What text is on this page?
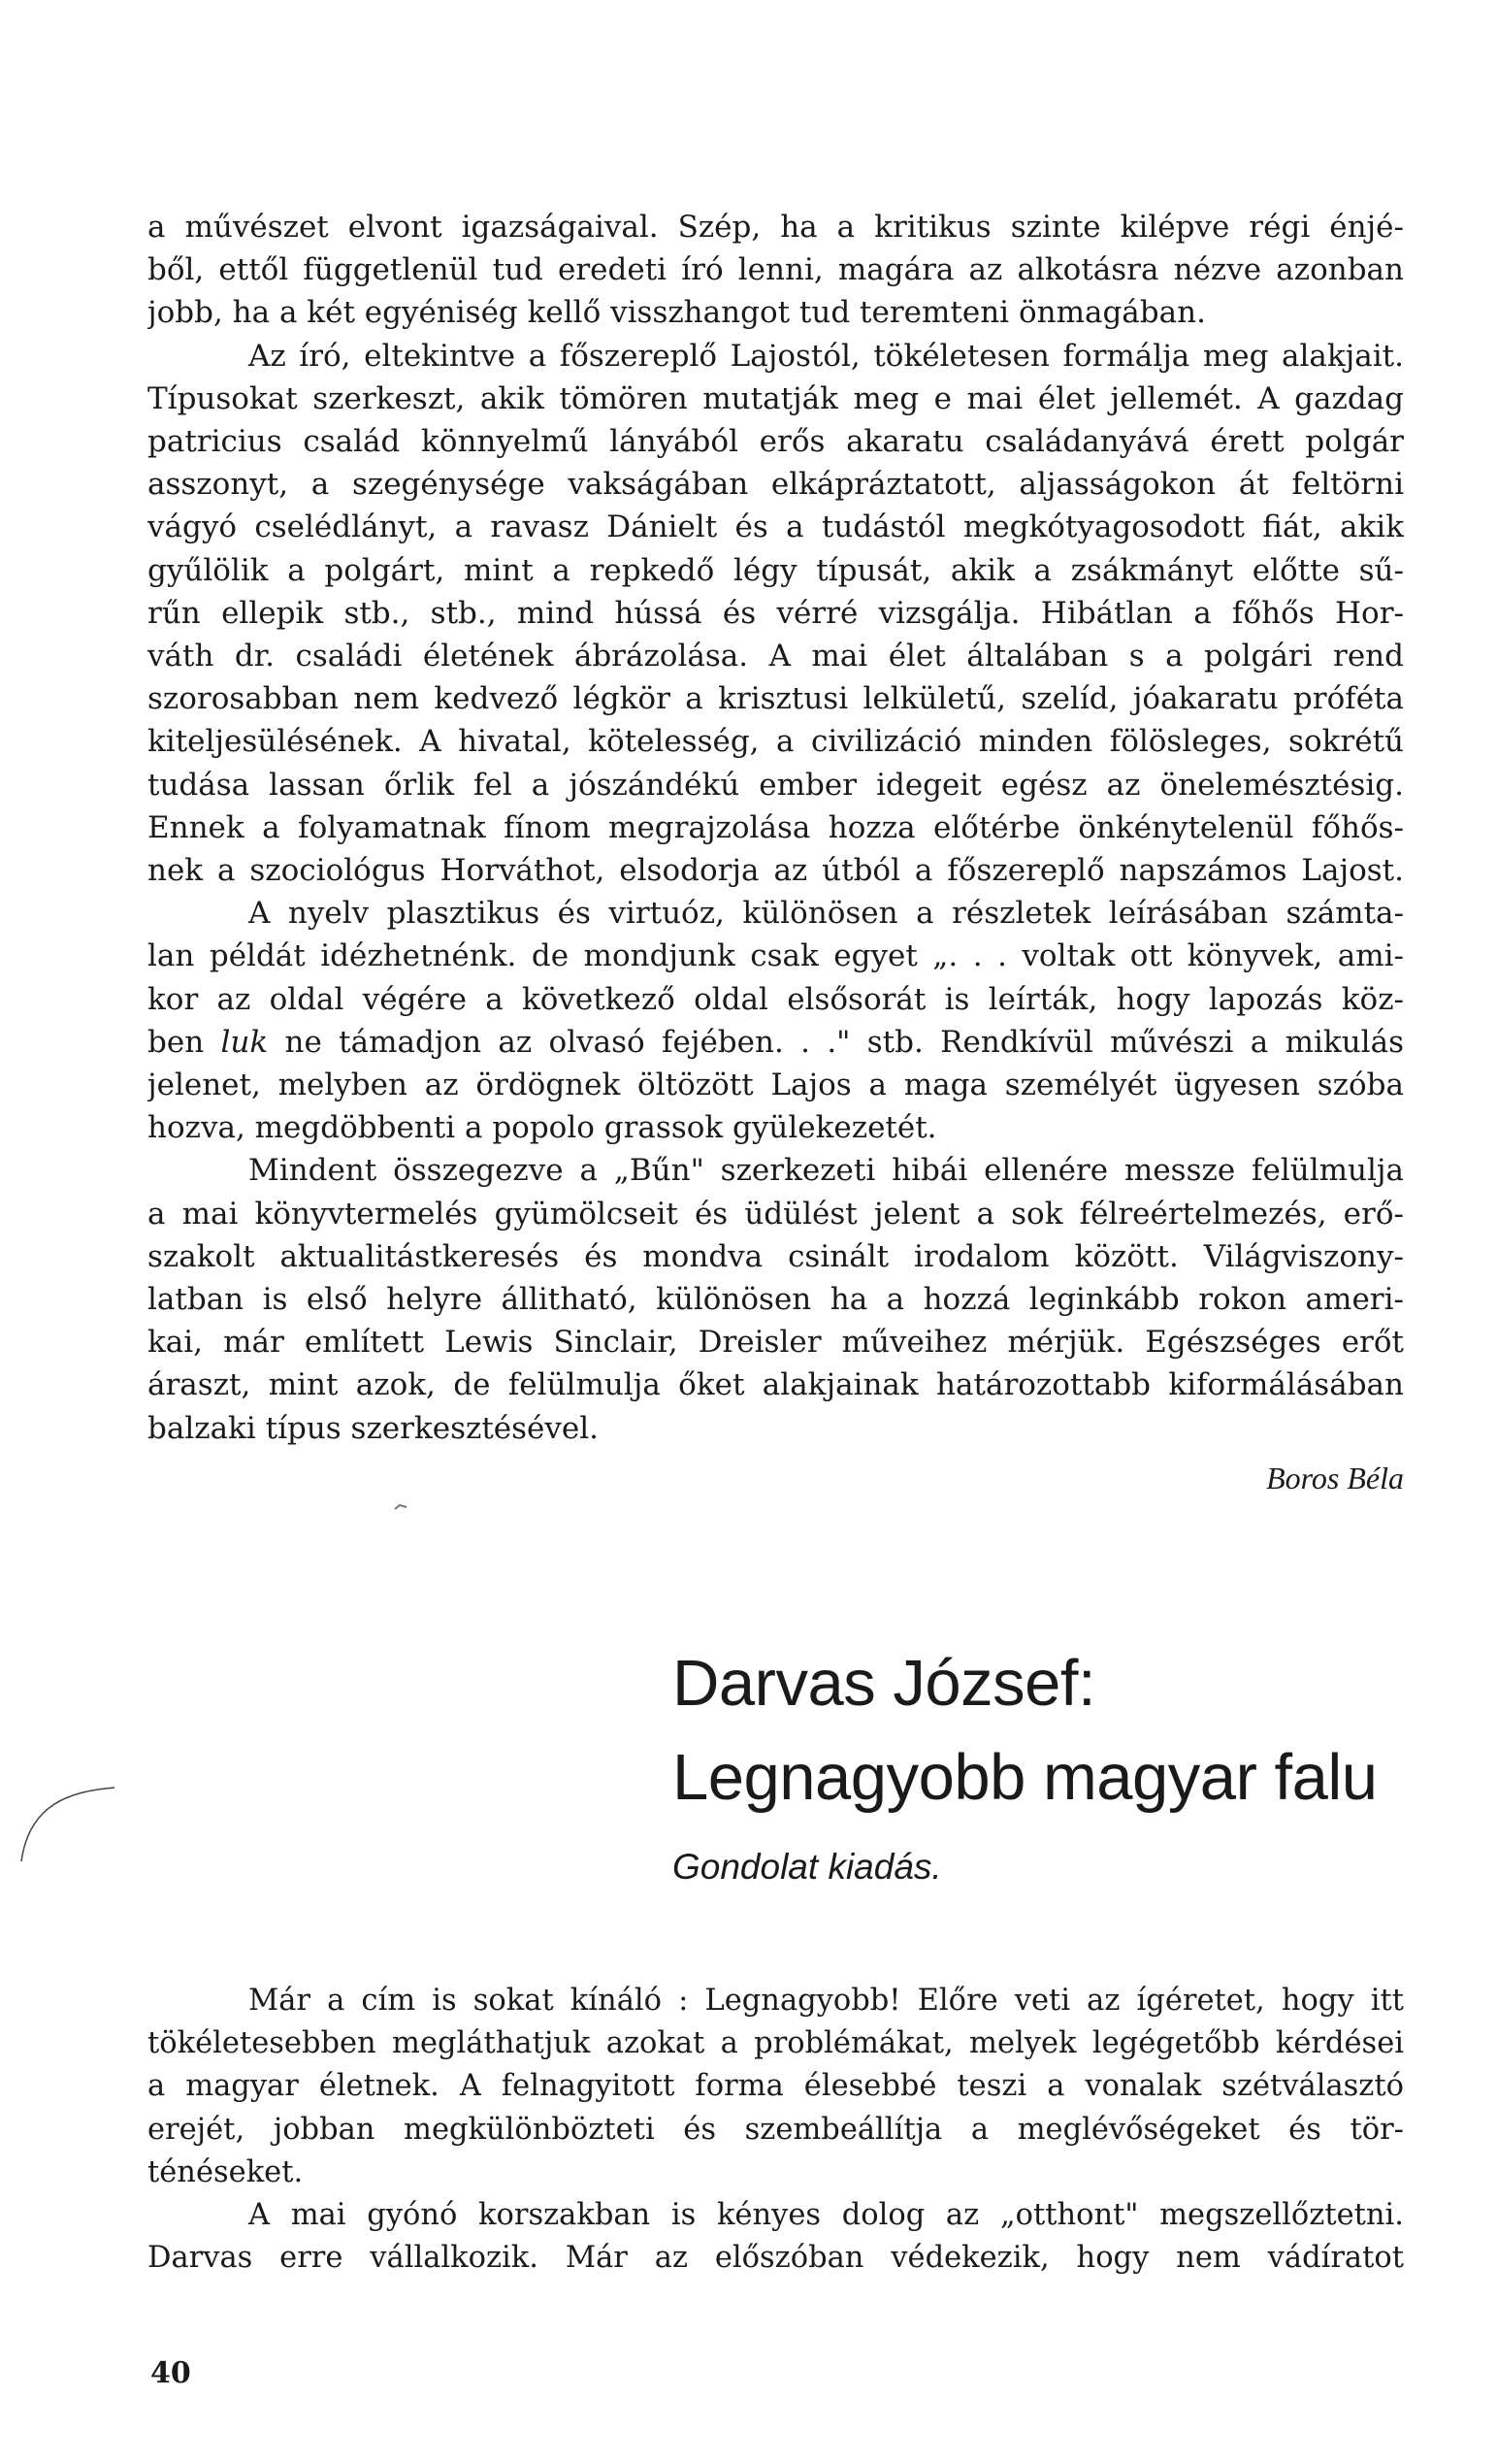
a művészet elvont igazságaival. Szép, ha a kritikus szinte kilépve régi énjé-
ből, ettől függetlenül tud eredeti író lenni, magára az alkotásra nézve azonban
jobb, ha a két egyéniség kellő visszhangot tud teremteni önmagában.
Az író, eltekintve a főszereplő Lajostól, tökéletesen formálja meg alakjait.
Típusokat szerkeszt, akik tömören mutatják meg e mai élet jellemét. A gazdag
patricius család könnyelmű lányából erős akaratu családanyává érett polgár
asszonyt, a szegénysége vakságában elkápráztatott, aljasságokon át feltörni
vágyó cselédlányt, a ravasz Dánielt és a tudástól megkótyagosodott fiát, akik
gyűlölik a polgárt, mint a repkedő légy típusát, akik a zsákmányt előtte sű-
rűn ellepik stb., stb., mind hússá és vérré vizsgálja. Hibátlan a főhős Hor-
váth dr. családi életének ábrázolása. A mai élet általában s a polgári rend
szorosabban nem kedvező légkör a krisztusi lelkületű, szelíd, jóakaratu próféta
kiteljesülésének. A hivatal, kötelesség, a civilizáció minden fölösleges, sokrétű
tudása lassan őrlik fel a jószándékú ember idegeit egész az önelemésztésig.
Ennek a folyamatnak fínom megrajzolása hozza előtérbe önkénytelenül főhős-
nek a szociológus Horváthot, elsodorja az útból a főszereplő napszámos Lajost.
A nyelv plasztikus és virtuóz, különösen a részletek leírásában számta-
lan példát idézhetnénk. de mondjunk csak egyet „. . . voltak ott könyvek, ami-
kor az oldal végére a következő oldal elsősorát is leírták, hogy lapozás köz-
ben luk ne támadjon az olvasó fejében. . ." stb. Rendkívül művészi a mikulás
jelenet, melyben az ördögnek öltözött Lajos a maga személyét ügyesen szóba
hozva, megdöbbenti a popolo grassok gyülekezetét.
Mindent összegezve a „Bűn" szerkezeti hibái ellenére messze felülmulja
a mai könyvtermelés gyümölcseit és üdülést jelent a sok félreértelmezés, erő-
szakolt aktualitástkeresés és mondva csinált irodalom között. Világviszony-
latban is első helyre állitható, különösen ha a hozzá leginkább rokon ameri-
kai, már említett Lewis Sinclair, Dreisler műveihez mérjük. Egészséges erőt
áraszt, mint azok, de felülmulja őket alakjainak határozottabb kiformálásában
balzaki típus szerkesztésével.
Boros Béla

Darvas József:

Legnagyobb magyar falu

Gondolat kiadás.

Már a cím is sokat kínáló : Legnagyobb! Előre veti az ígéretet, hogy itt
tökéletesebben megláthatjuk azokat a problémákat, melyek legégetőbb kérdései
a magyar életnek. A felnagyitott forma élesebbé teszi a vonalak szétválasztó
erejét, jobban megkülönbözteti és szembeállítja a meglévőségeket és tör-
ténéseket.
A mai gyónó korszakban is kényes dolog az „otthont" megszellőztetni.
Darvas erre vállalkozik. Már az előszóban védekezik, hogy nem vádíratot
40
